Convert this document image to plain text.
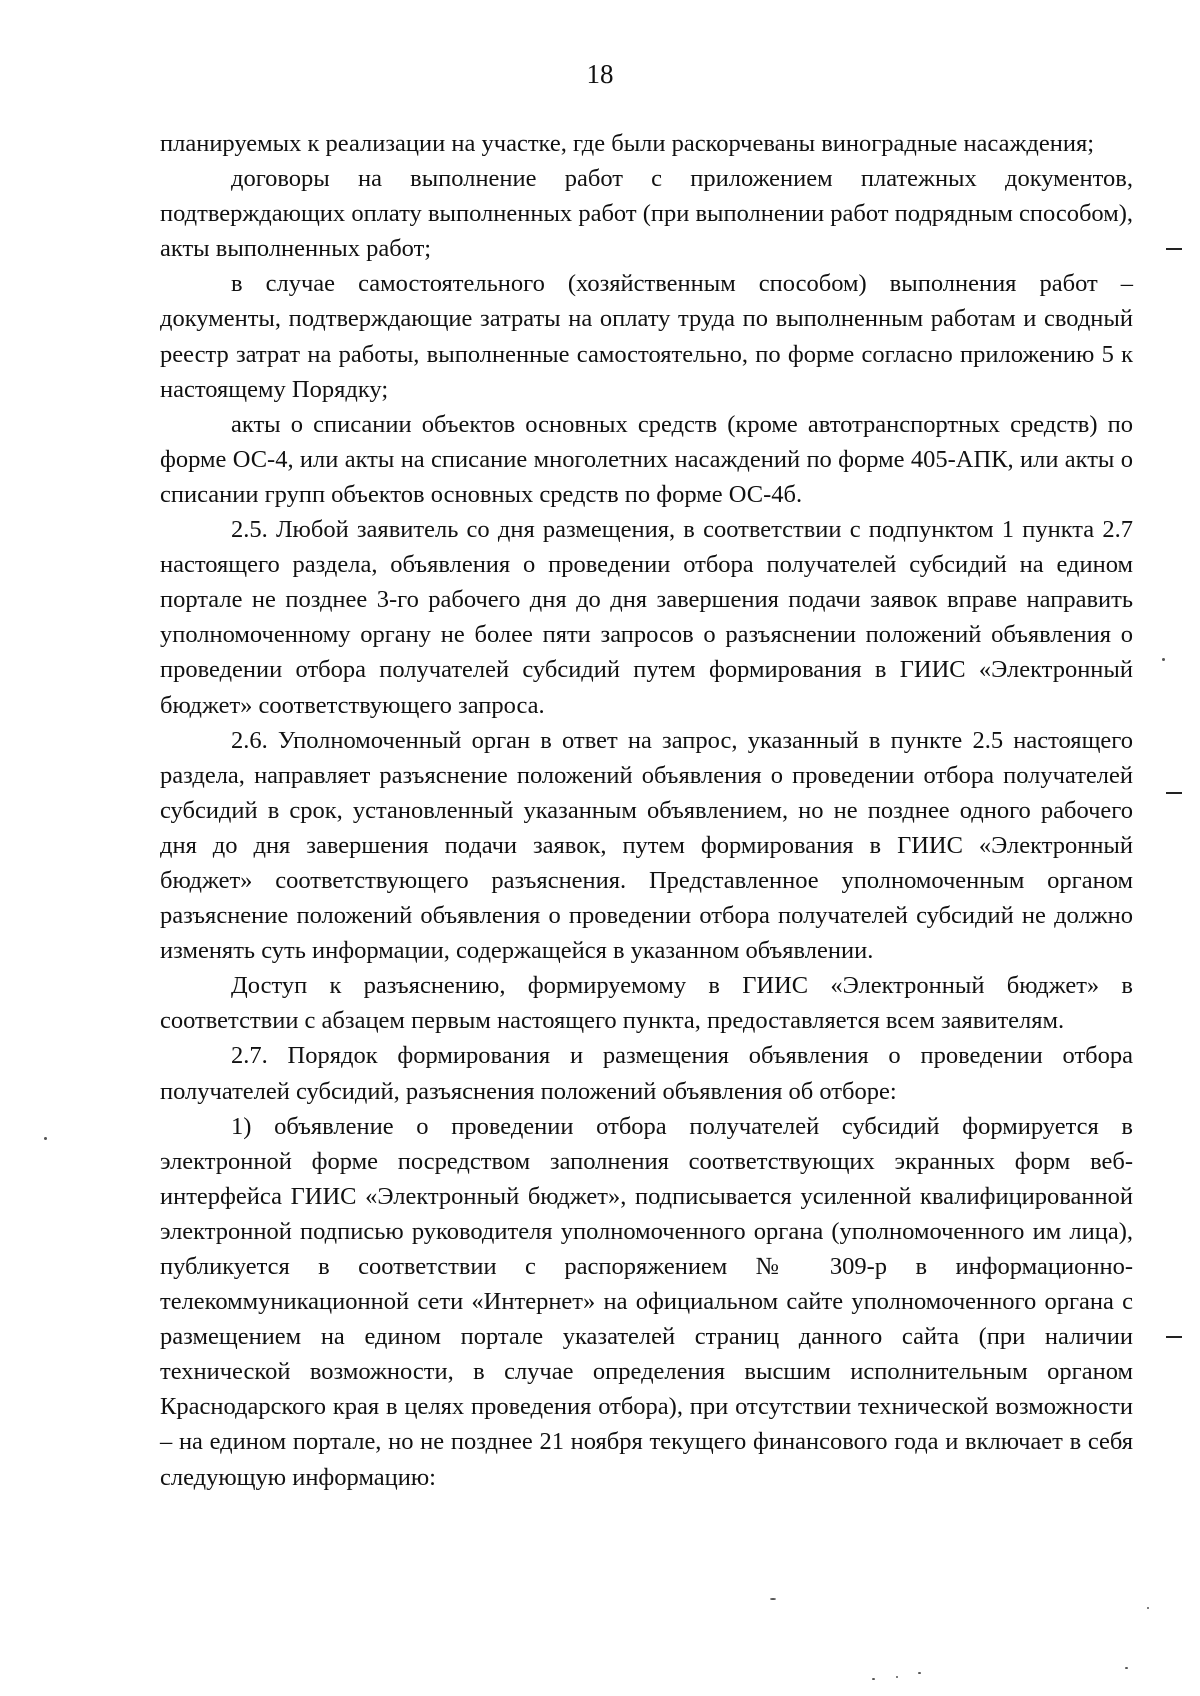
18

планируемых к реализации на участке, где были раскорчеваны виноградные насаждения;

договоры на выполнение работ с приложением платежных документов, подтверждающих оплату выполненных работ (при выполнении работ подрядным способом), акты выполненных работ;

в случае самостоятельного (хозяйственным способом) выполнения работ – документы, подтверждающие затраты на оплату труда по выполненным работам и сводный реестр затрат на работы, выполненные самостоятельно, по форме согласно приложению 5 к настоящему Порядку;

акты о списании объектов основных средств (кроме автотранспортных средств) по форме ОС-4, или акты на списание многолетних насаждений по форме 405-АПК, или акты о списании групп объектов основных средств по форме ОС-4б.

2.5. Любой заявитель со дня размещения, в соответствии с подпунктом 1 пункта 2.7 настоящего раздела, объявления о проведении отбора получателей субсидий на едином портале не позднее 3-го рабочего дня до дня завершения подачи заявок вправе направить уполномоченному органу не более пяти запросов о разъяснении положений объявления о проведении отбора получателей субсидий путем формирования в ГИИС «Электронный бюджет» соответствующего запроса.

2.6. Уполномоченный орган в ответ на запрос, указанный в пункте 2.5 настоящего раздела, направляет разъяснение положений объявления о проведении отбора получателей субсидий в срок, установленный указанным объявлением, но не позднее одного рабочего дня до дня завершения подачи заявок, путем формирования в ГИИС «Электронный бюджет» соответствующего разъяснения. Представленное уполномоченным органом разъяснение положений объявления о проведении отбора получателей субсидий не должно изменять суть информации, содержащейся в указанном объявлении.

Доступ к разъяснению, формируемому в ГИИС «Электронный бюджет» в соответствии с абзацем первым настоящего пункта, предоставляется всем заявителям.

2.7. Порядок формирования и размещения объявления о проведении отбора получателей субсидий, разъяснения положений объявления об отборе:

1) объявление о проведении отбора получателей субсидий формируется в электронной форме посредством заполнения соответствующих экранных форм веб-интерфейса ГИИС «Электронный бюджет», подписывается усиленной квалифицированной электронной подписью руководителя уполномоченного органа (уполномоченного им лица), публикуется в соответствии с распоряжением № 309-р в информационно-телекоммуникационной сети «Интернет» на официальном сайте уполномоченного органа с размещением на едином портале указателей страниц данного сайта (при наличии технической возможности, в случае определения высшим исполнительным органом Краснодарского края в целях проведения отбора), при отсутствии технической возможности – на едином портале, но не позднее 21 ноября текущего финансового года и включает в себя следующую информацию:
